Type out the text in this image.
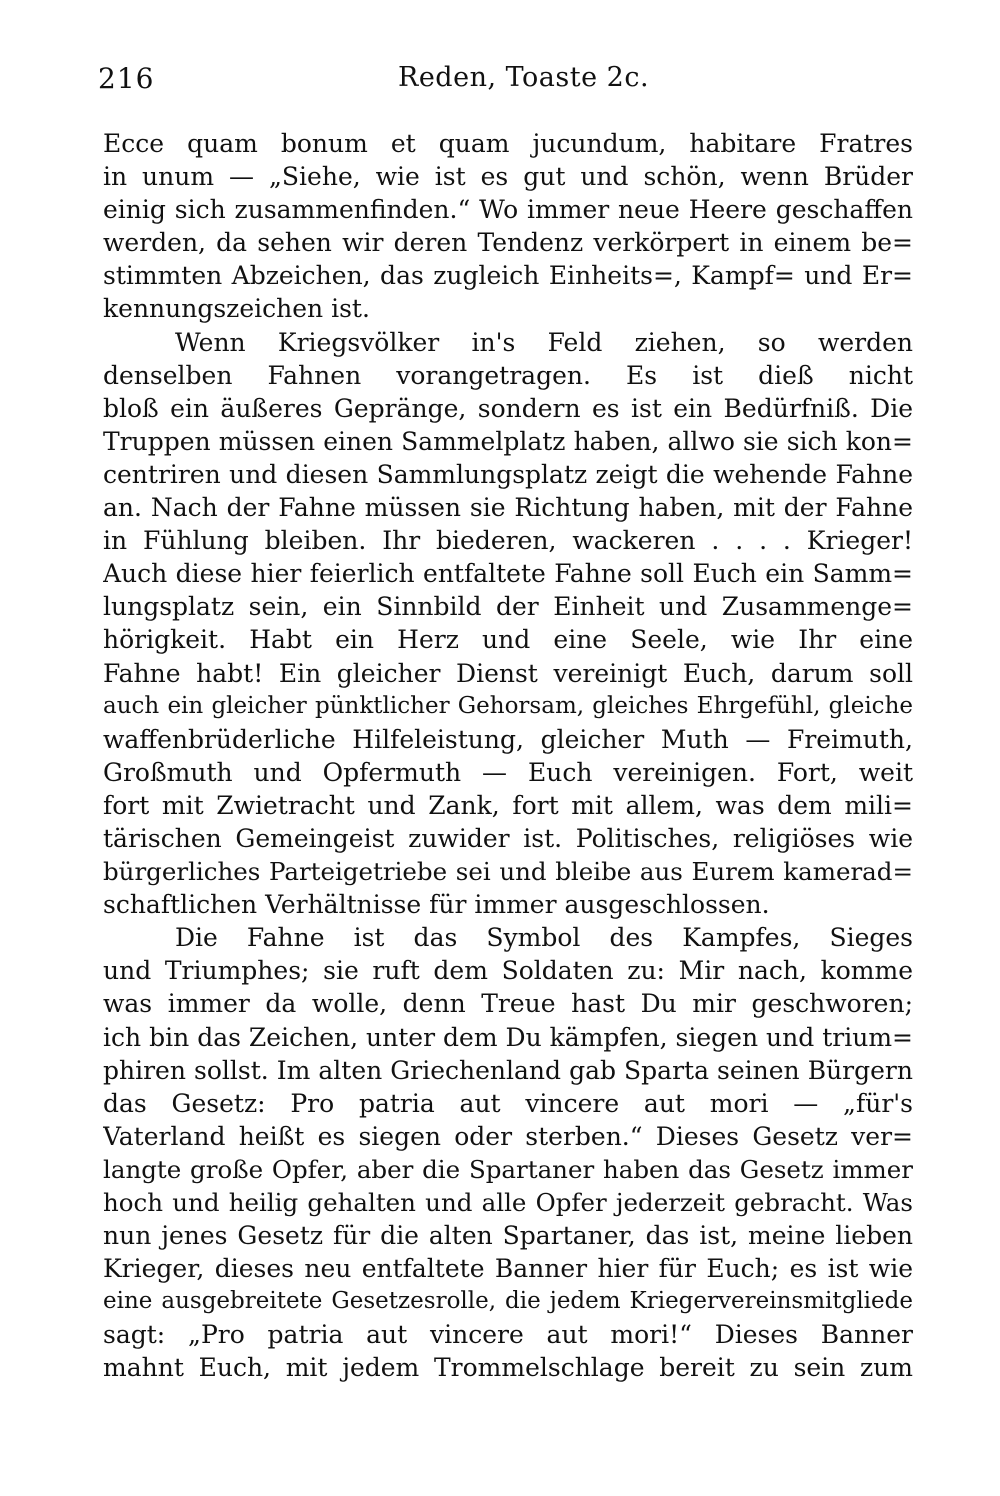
216	Reden, Toaste 2c.
Ecce quam bonum et quam jucundum, habitare Fratres
in unum — „Siehe, wie ist es gut und schön, wenn Brüder
einig sich zusammenfinden.“ Wo immer neue Heere geschaffen
werden, da sehen wir deren Tendenz verkörpert in einem be=
stimmten Abzeichen, das zugleich Einheits=, Kampf= und Er=
kennungszeichen ist.
Wenn Kriegsvölker in's Feld ziehen, so werden
denselben Fahnen vorangetragen. Es ist dieß nicht
bloß ein äußeres Gepränge, sondern es ist ein Bedürfniß. Die
Truppen müssen einen Sammelplatz haben, allwo sie sich kon=
centriren und diesen Sammlungsplatz zeigt die wehende Fahne
an. Nach der Fahne müssen sie Richtung haben, mit der Fahne
in Fühlung bleiben. Ihr biederen, wackeren . . . . Krieger!
Auch diese hier feierlich entfaltete Fahne soll Euch ein Samm=
lungsplatz sein, ein Sinnbild der Einheit und Zusammenge=
hörigkeit. Habt ein Herz und eine Seele, wie Ihr eine
Fahne habt! Ein gleicher Dienst vereinigt Euch, darum soll
auch ein gleicher pünktlicher Gehorsam, gleiches Ehrgefühl, gleiche
waffenbrüderliche Hilfeleistung, gleicher Muth — Freimuth,
Großmuth und Opfermuth — Euch vereinigen. Fort, weit
fort mit Zwietracht und Zank, fort mit allem, was dem mili=
tärischen Gemeingeist zuwider ist. Politisches, religiöses wie
bürgerliches Parteigetriebe sei und bleibe aus Eurem kamerad=
schaftlichen Verhältnisse für immer ausgeschlossen.
Die Fahne ist das Symbol des Kampfes, Sieges
und Triumphes; sie ruft dem Soldaten zu: Mir nach, komme
was immer da wolle, denn Treue hast Du mir geschworen;
ich bin das Zeichen, unter dem Du kämpfen, siegen und trium=
phiren sollst. Im alten Griechenland gab Sparta seinen Bürgern
das Gesetz: Pro patria aut vincere aut mori — „für's
Vaterland heißt es siegen oder sterben.“ Dieses Gesetz ver=
langte große Opfer, aber die Spartaner haben das Gesetz immer
hoch und heilig gehalten und alle Opfer jederzeit gebracht. Was
nun jenes Gesetz für die alten Spartaner, das ist, meine lieben
Krieger, dieses neu entfaltete Banner hier für Euch; es ist wie
eine ausgebreitete Gesetzesrolle, die jedem Kriegervereinsmitgliede
sagt: „Pro patria aut vincere aut mori!“ Dieses Banner
mahnt Euch, mit jedem Trommelschlage bereit zu sein zum
